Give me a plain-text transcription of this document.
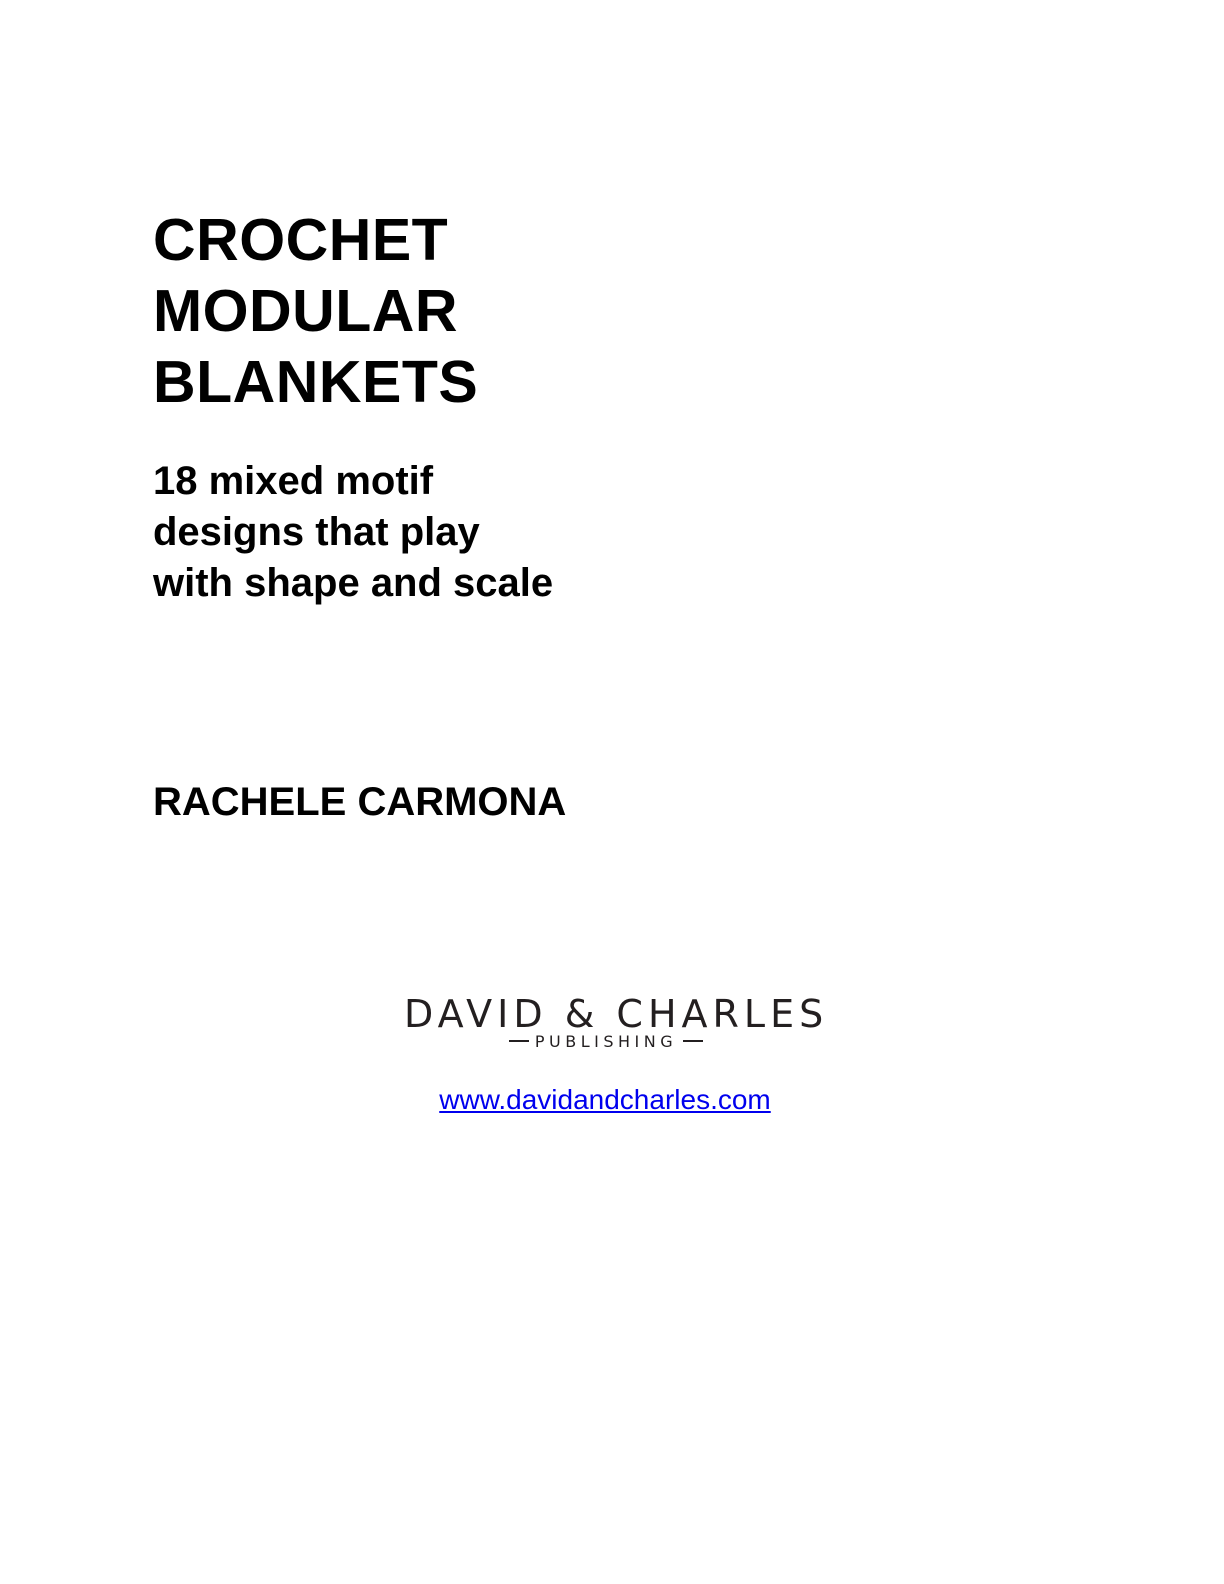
CROCHET
MODULAR
BLANKETS
18 mixed motif
designs that play
with shape and scale

RACHELE CARMONA

DAVID & CHARLES
PUBLISHING
www.davidandcharles.com
